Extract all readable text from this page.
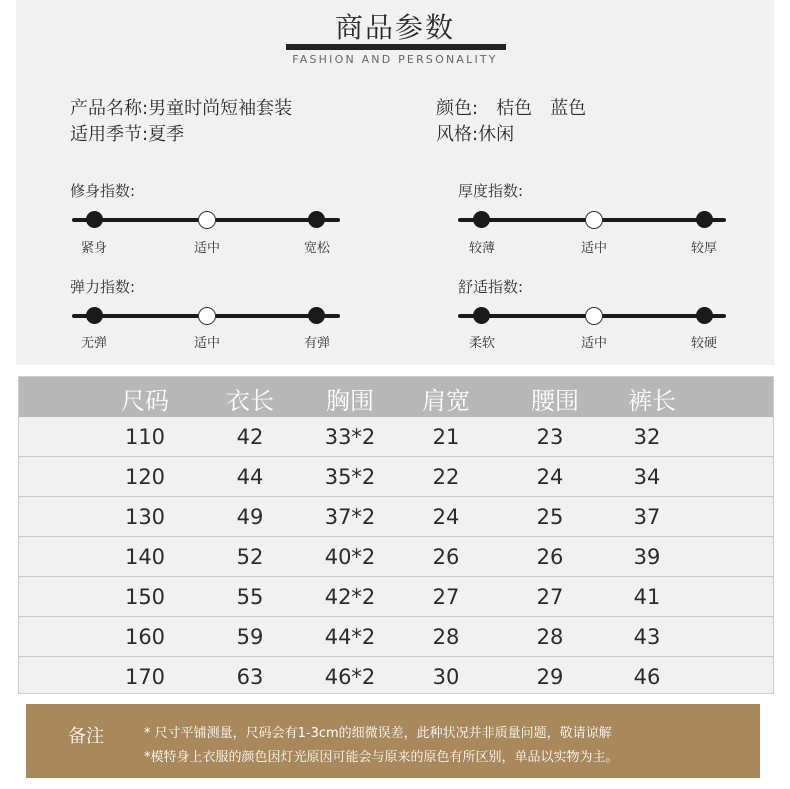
商品参数
FASHION AND PERSONALITY
产品名称:男童时尚短袖套装
适用季节:夏季
颜色: 桔色 蓝色
风格:休闲
修身指数:
紧身	适中	宽松
厚度指数:
较薄	适中	较厚
弹力指数:
无弹	适中	有弹
舒适指数:
柔软	适中	较硬
尺码	衣长	胸围	肩宽	腰围	裤长
110	42	33*2	21	23	32
120	44	35*2	22	24	34
130	49	37*2	24	25	37
140	52	40*2	26	26	39
150	55	42*2	27	27	41
160	59	44*2	28	28	43
170	63	46*2	30	29	46
备注	* 尺寸平铺测量，尺码会有1-3cm的细微误差，此种状况并非质量问题，敬请谅解
*模特身上衣服的颜色因灯光原因可能会与原来的原色有所区别，单品以实物为主。
